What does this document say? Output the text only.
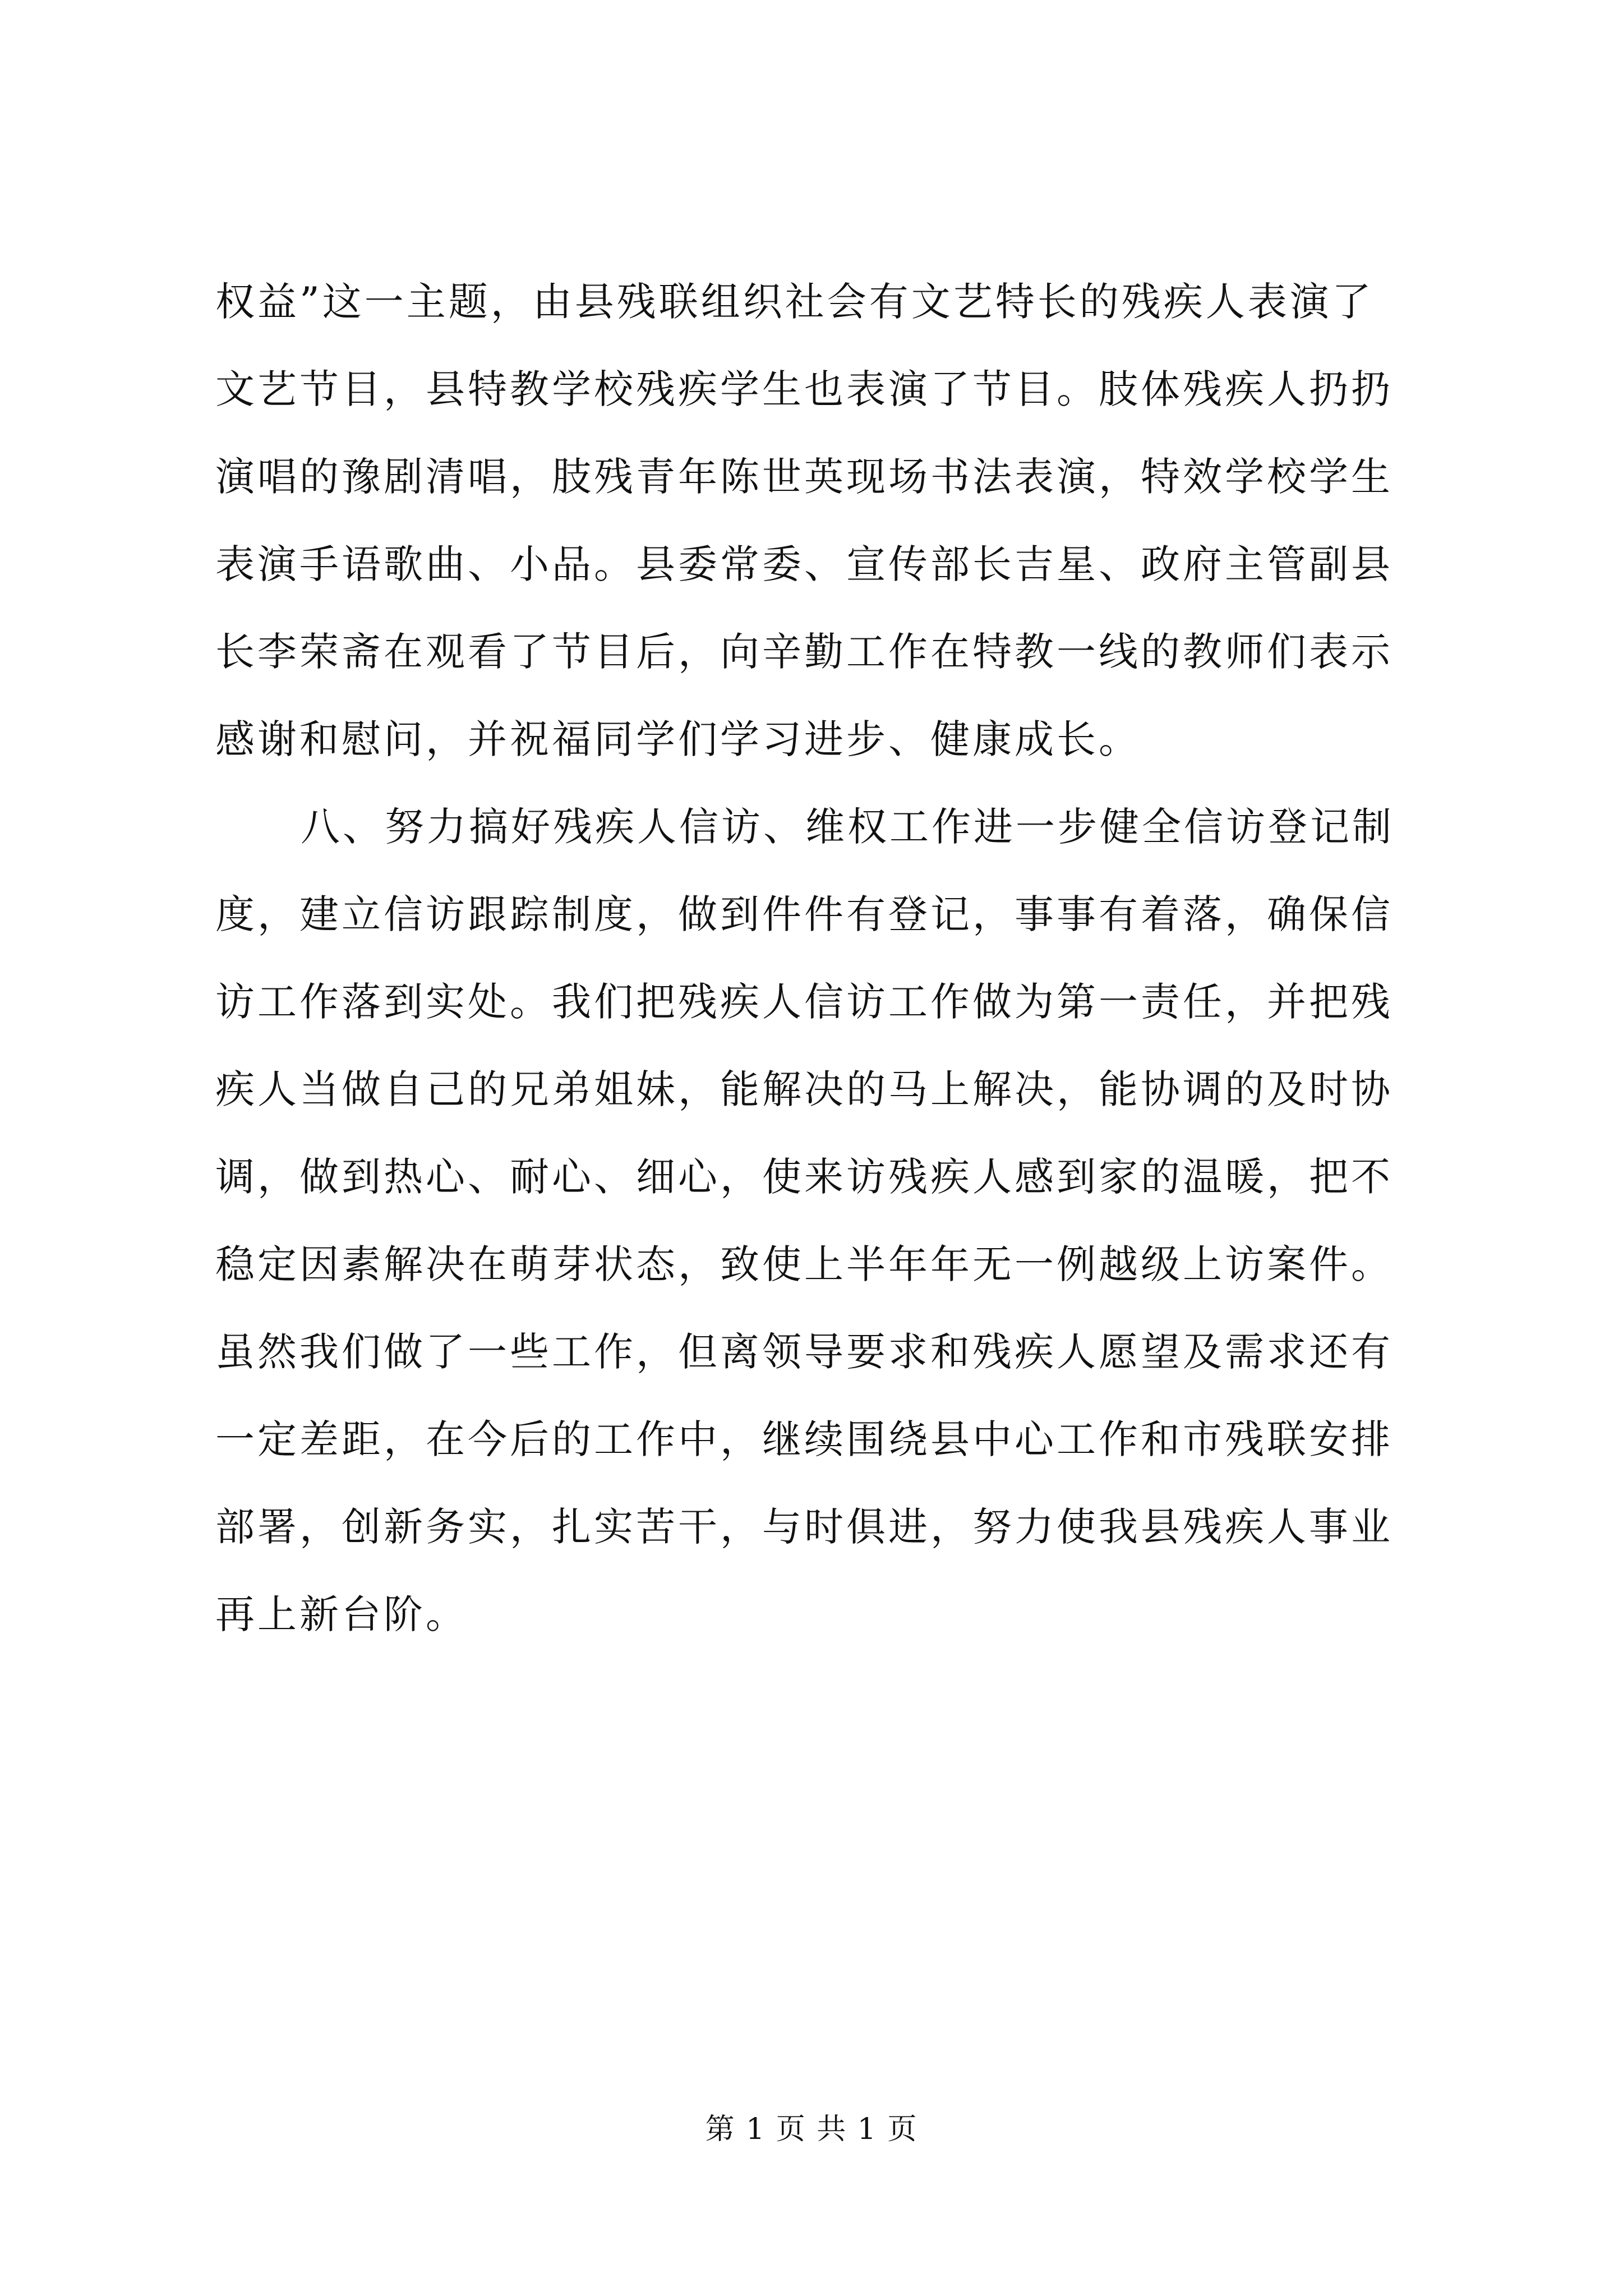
权益”这一主题，由县残联组织社会有文艺特长的残疾人表演了
文艺节目，县特教学校残疾学生也表演了节目。肢体残疾人扔扔
演唱的豫剧清唱，肢残青年陈世英现场书法表演，特效学校学生
表演手语歌曲、小品。县委常委、宣传部长吉星、政府主管副县
长李荣斋在观看了节目后，向辛勤工作在特教一线的教师们表示
感谢和慰问，并祝福同学们学习进步、健康成长。
八、努力搞好残疾人信访、维权工作进一步健全信访登记制
度，建立信访跟踪制度，做到件件有登记，事事有着落，确保信
访工作落到实处。我们把残疾人信访工作做为第一责任，并把残
疾人当做自己的兄弟姐妹，能解决的马上解决，能协调的及时协
调，做到热心、耐心、细心，使来访残疾人感到家的温暖，把不
稳定因素解决在萌芽状态，致使上半年年无一例越级上访案件。
虽然我们做了一些工作，但离领导要求和残疾人愿望及需求还有
一定差距，在今后的工作中，继续围绕县中心工作和市残联安排
部署，创新务实，扎实苦干，与时俱进，努力使我县残疾人事业
再上新台阶。
第 1 页 共 1 页
